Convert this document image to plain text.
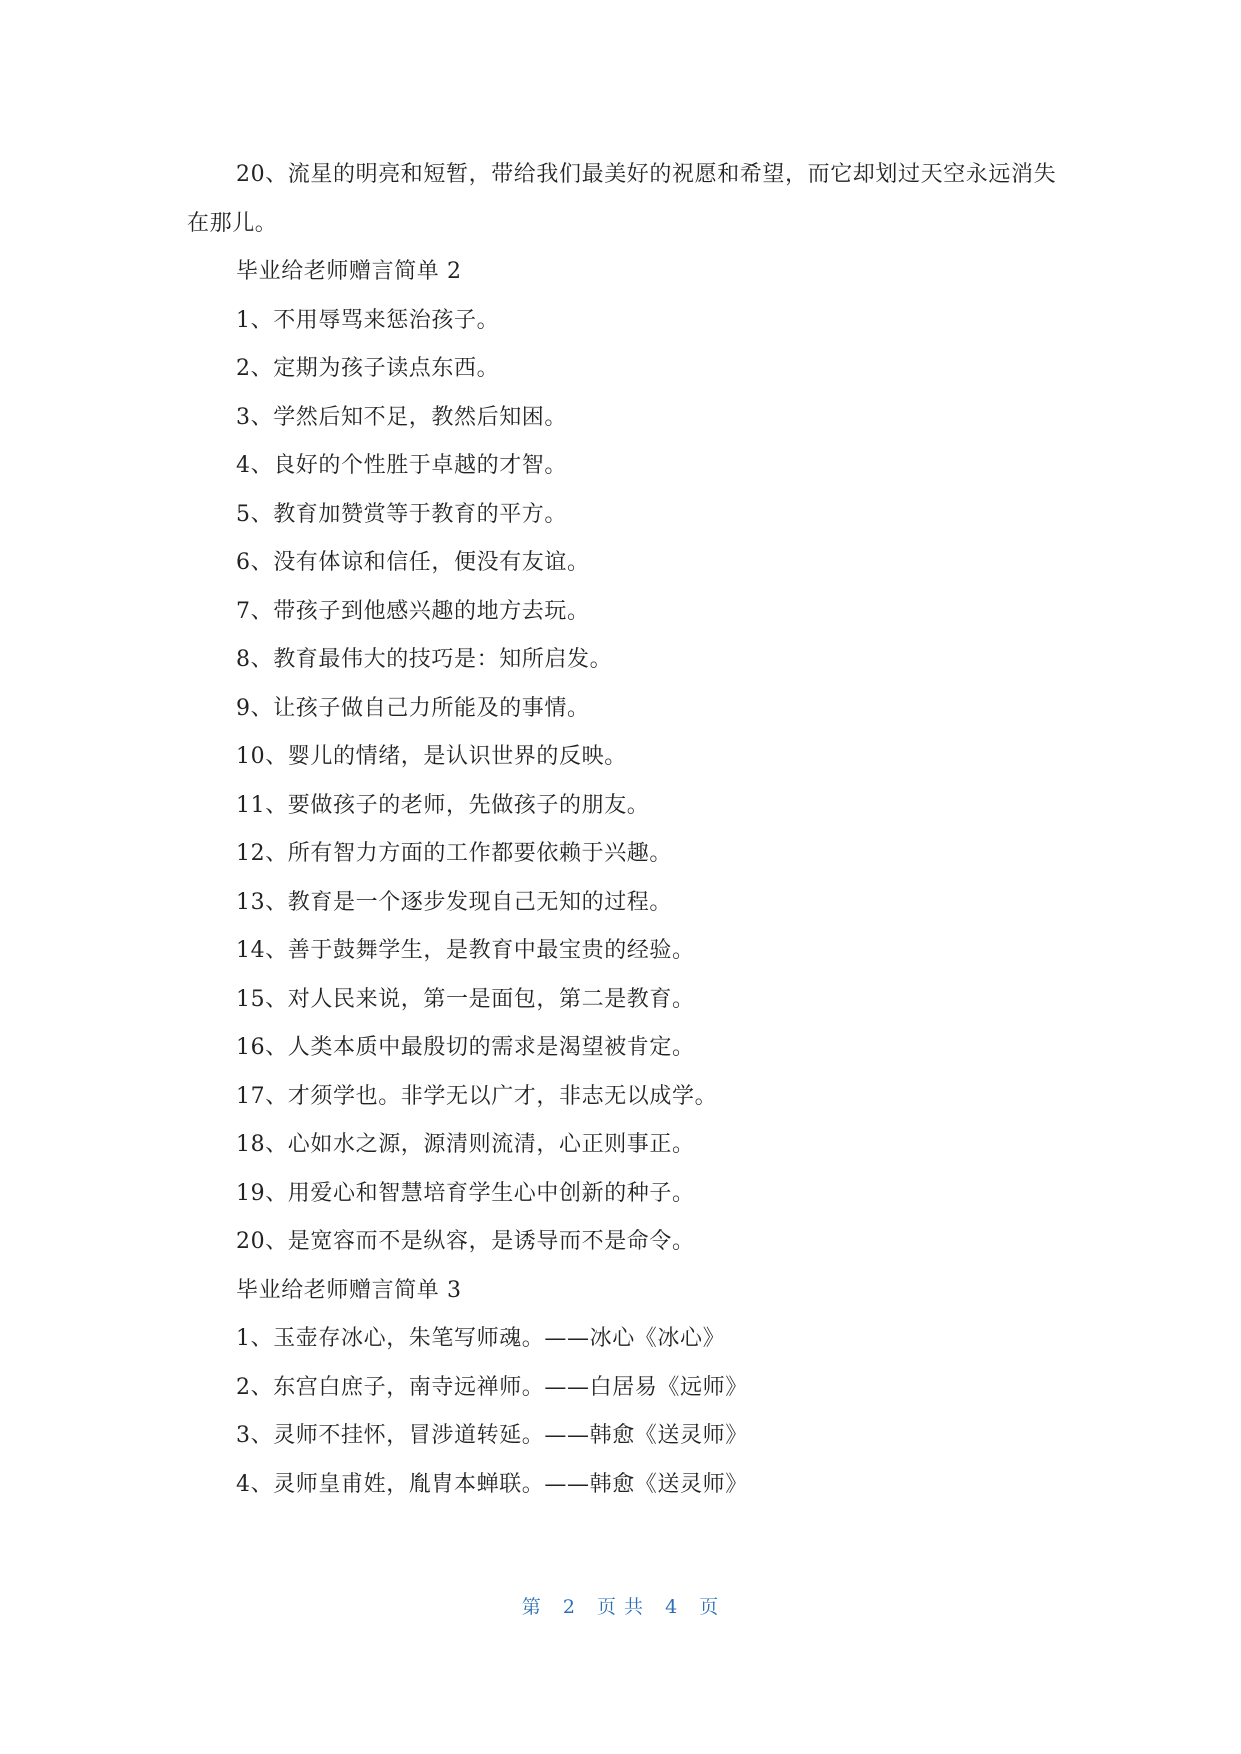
20、流星的明亮和短暂，带给我们最美好的祝愿和希望，而它却划过天空永远消失在那儿。

毕业给老师赠言简单 2

1、不用辱骂来惩治孩子。

2、定期为孩子读点东西。

3、学然后知不足，教然后知困。

4、良好的个性胜于卓越的才智。

5、教育加赞赏等于教育的平方。

6、没有体谅和信任，便没有友谊。

7、带孩子到他感兴趣的地方去玩。

8、教育最伟大的技巧是：知所启发。

9、让孩子做自己力所能及的事情。

10、婴儿的情绪，是认识世界的反映。

11、要做孩子的老师，先做孩子的朋友。

12、所有智力方面的工作都要依赖于兴趣。

13、教育是一个逐步发现自己无知的过程。

14、善于鼓舞学生，是教育中最宝贵的经验。

15、对人民来说，第一是面包，第二是教育。

16、人类本质中最殷切的需求是渴望被肯定。

17、才须学也。非学无以广才，非志无以成学。

18、心如水之源，源清则流清，心正则事正。

19、用爱心和智慧培育学生心中创新的种子。

20、是宽容而不是纵容，是诱导而不是命令。

毕业给老师赠言简单 3

1、玉壶存冰心，朱笔写师魂。——冰心《冰心》

2、东宫白庶子，南寺远禅师。——白居易《远师》

3、灵师不挂怀，冒涉道转延。——韩愈《送灵师》

4、灵师皇甫姓，胤胄本蝉联。——韩愈《送灵师》

第 2 页 共 4 页
